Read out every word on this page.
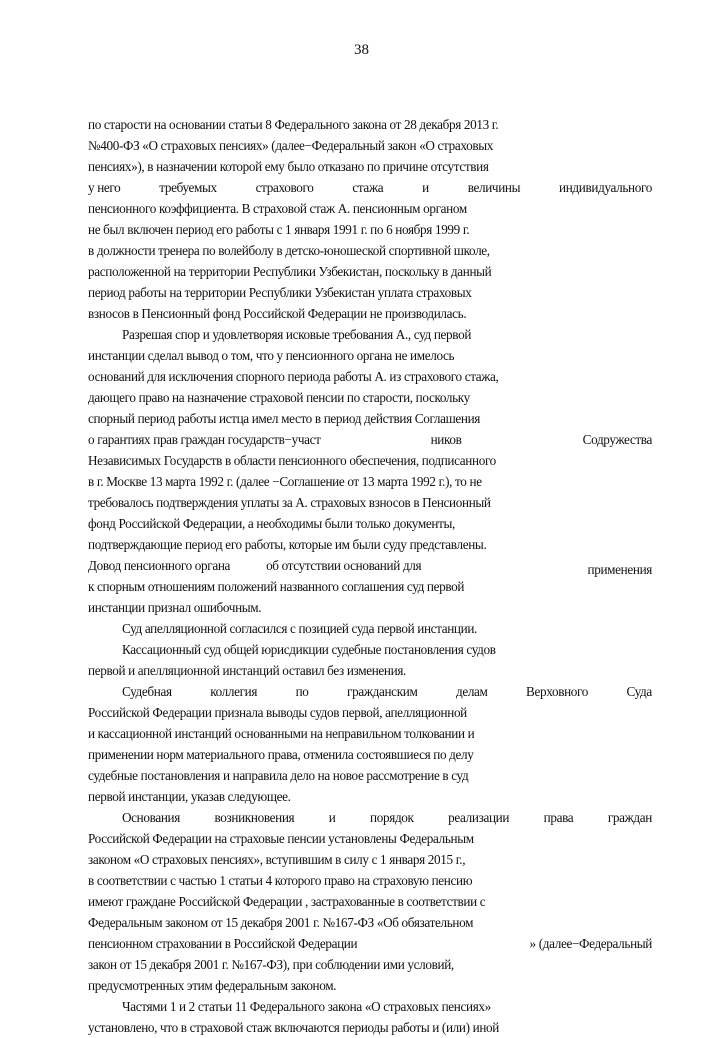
38
по старости на основании статьи 8 Федерального закона от 28 декабря 2013 г.
№400-ФЗ «О страховых пенсиях» (далее−Федеральный закон «О страховых
пенсиях»), в назначении которой ему было отказано по причине отсутствия
у него	требуемых	страхового	стажа	и	величины	индивидуального
пенсионного коэффициента. В страховой стаж А. пенсионным органом
не был включен период его работы с 1 января 1991 г. по 6 ноября 1999 г.
в должности тренера по волейболу в детско-юношеской спортивной школе,
расположенной на территории Республики Узбекистан, поскольку в данный
период работы на территории Республики Узбекистан уплата страховых
взносов в Пенсионный фонд Российской Федерации не производилась.
Разрешая спор и удовлетворяя исковые требования А., суд первой
инстанции сделал вывод о том, что у пенсионного органа не имелось
оснований для исключения спорного периода работы А. из страхового стажа,
дающего право на назначение страховой пенсии по старости, поскольку
спорный период работы истца имел место в период действия Соглашения
о гарантиях прав граждан государств−участ	ников	Содружества
Независимых Государств в области пенсионного обеспечения, подписанного
в г. Москве 13 марта 1992 г. (далее −Соглашение от 13 марта 1992 г.), то не
требовалось подтверждения уплаты за А. страховых взносов в Пенсионный
фонд Российской Федерации, а необходимы были только документы,
подтверждающие период его работы, которые им были суду представлены.
Довод пенсионного органа	об отсутствии оснований для	применения
к спорным отношениям положений названного соглашения суд первой
инстанции признал ошибочным.
Суд апелляционной согласился с позицией суда первой инстанции.
Кассационный суд общей юрисдикции судебные постановления судов
первой и апелляционной инстанций оставил без изменения.
Судебная	коллегия	по	гражданским	делам	Верховного	Суда
Российской Федерации признала выводы судов первой, апелляционной
и кассационной инстанций основанными на неправильном толковании и
применении норм материального права, отменила состоявшиеся по делу
судебные постановления и направила дело на новое рассмотрение в суд
первой инстанции, указав следующее.
Основания	возникновения	и	порядок	реализации	права	граждан
Российской Федерации на страховые пенсии установлены Федеральным
законом «О страховых пенсиях», вступившим в силу с 1 января 2015 г.,
в соответствии с частью 1 статьи 4 которого право на страховую пенсию
имеют граждане Российской Федерации , застрахованные в соответствии с
Федеральным законом от 15 декабря 2001 г. №167-ФЗ «Об обязательном
пенсионном страховании в Российской Федерации	» (далее−Федеральный
закон от 15 декабря 2001 г. №167-ФЗ), при соблюдении ими условий,
предусмотренных этим федеральным законом.
Частями 1 и 2 статьи 11 Федерального закона «О страховых пенсиях»
установлено, что в страховой стаж включаются периоды работы и (или) иной
